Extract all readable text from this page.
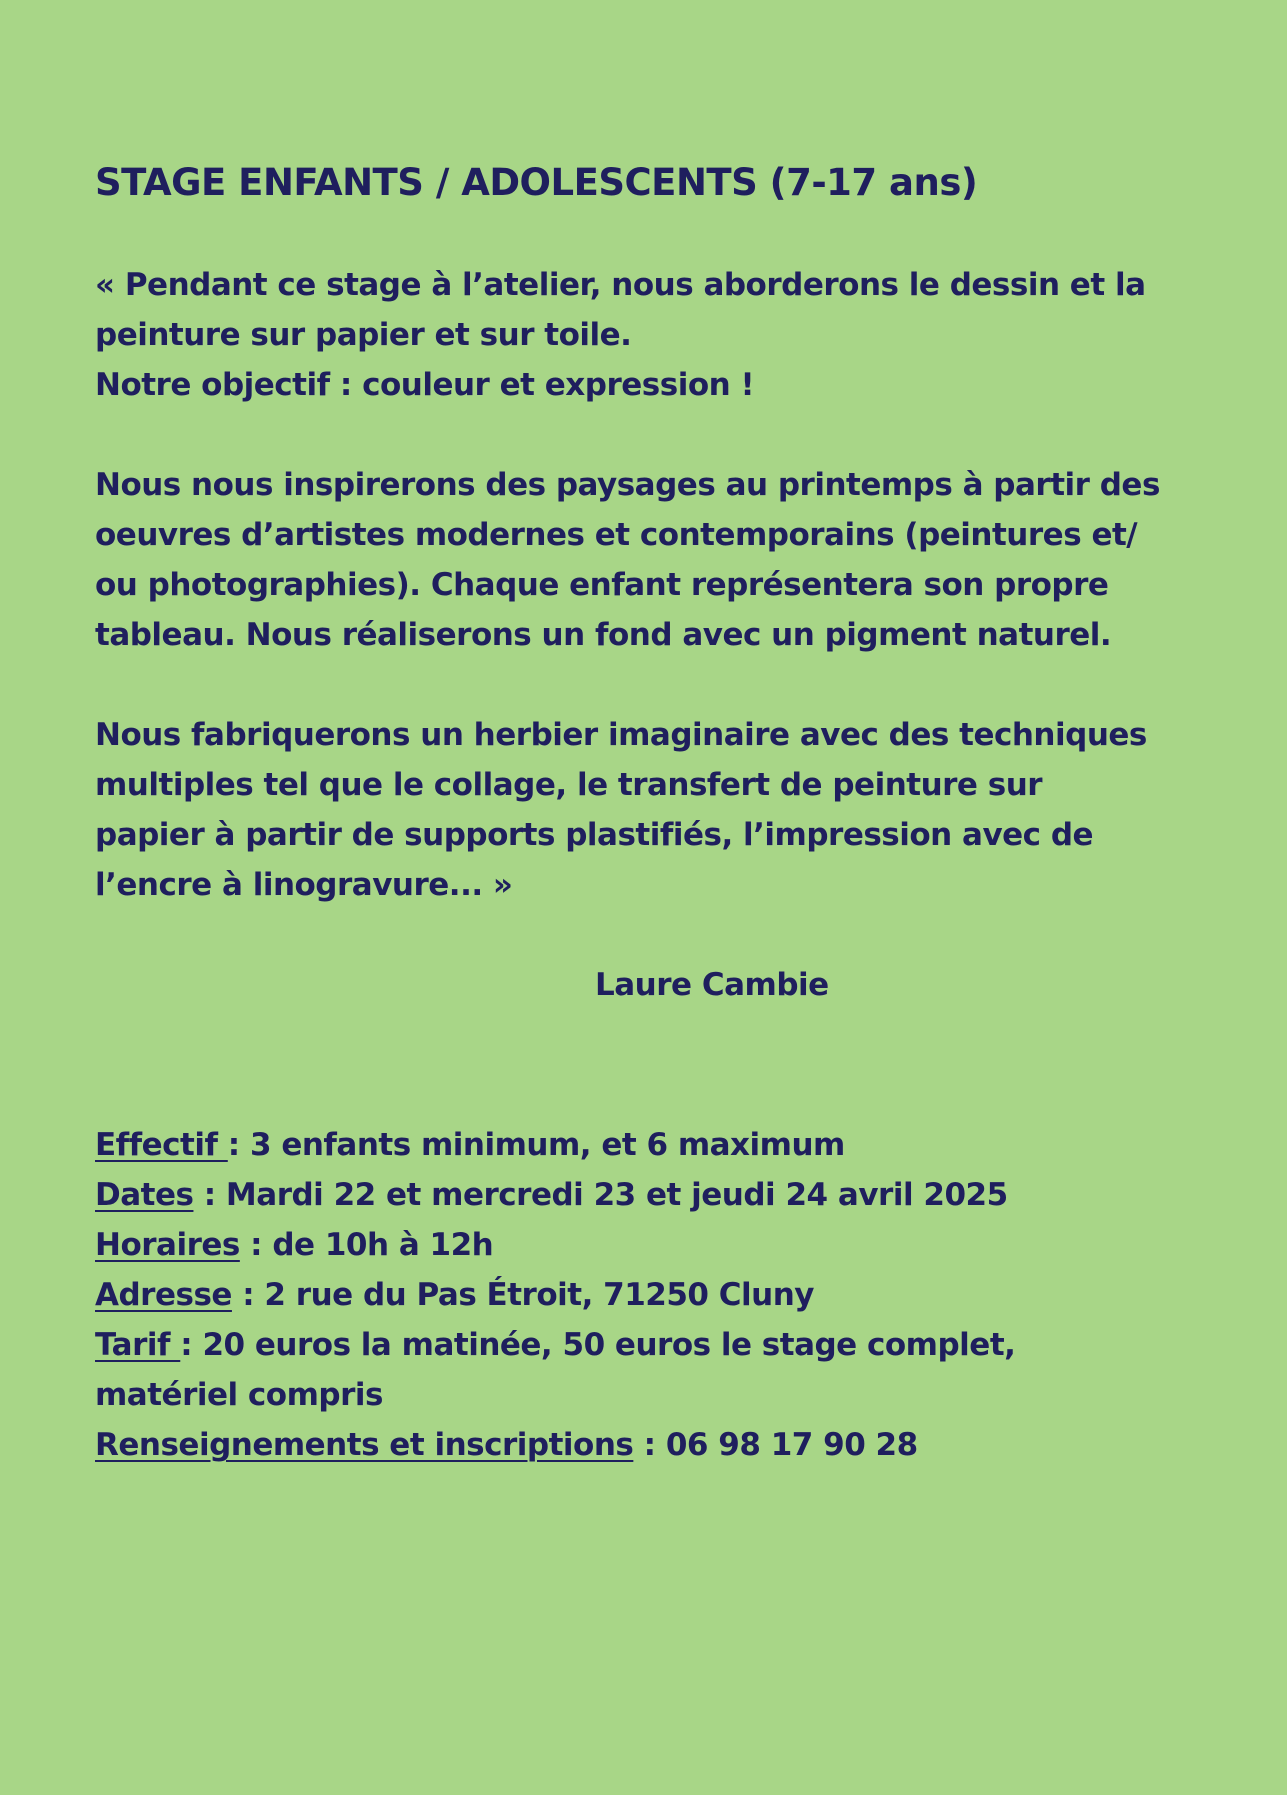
STAGE ENFANTS / ADOLESCENTS (7-17 ans)

« Pendant ce stage à l’atelier, nous aborderons le dessin et la
peinture sur papier et sur toile.
Notre objectif : couleur et expression !

Nous nous inspirerons des paysages au printemps à partir des
oeuvres d’artistes modernes et contemporains (peintures et/
ou photographies). Chaque enfant représentera son propre
tableau. Nous réaliserons un fond avec un pigment naturel.

Nous fabriquerons un herbier imaginaire avec des techniques
multiples tel que le collage, le transfert de peinture sur
papier à partir de supports plastifiés, l’impression avec de
l’encre à linogravure... »

Laure Cambie
Effectif : 3 enfants minimum, et 6 maximum
Dates : Mardi 22 et mercredi 23 et jeudi 24 avril 2025
Horaires : de 10h à 12h
Adresse : 2 rue du Pas Étroit, 71250 Cluny
Tarif : 20 euros la matinée, 50 euros le stage complet,
matériel compris
Renseignements et inscriptions : 06 98 17 90 28
